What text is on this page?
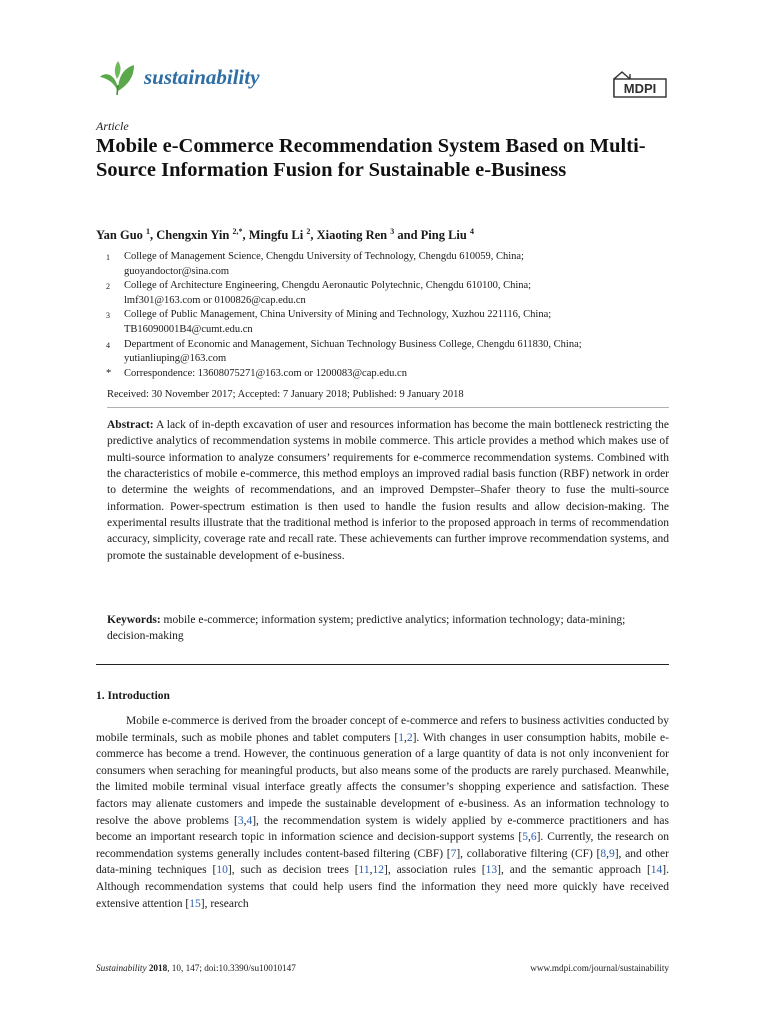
sustainability	MDPI
Article
Mobile e-Commerce Recommendation System Based on Multi-Source Information Fusion for Sustainable e-Business
Yan Guo $^1$, Chengxin Yin $^{2,*}$, Mingfu Li $^2$, Xiaoting Ren $^3$ and Ping Liu $^4$
1	College of Management Science, Chengdu University of Technology, Chengdu 610059, China;
guoyandoctor@sina.com
2	College of Architecture Engineering, Chengdu Aeronautic Polytechnic, Chengdu 610100, China;
lmf301@163.com or 0100826@cap.edu.cn
3	College of Public Management, China University of Mining and Technology, Xuzhou 221116, China;
TB16090001B4@cumt.edu.cn
4	Department of Economic and Management, Sichuan Technology Business College, Chengdu 611830, China;
yutianliuping@163.com
*	Correspondence: 13608075271@163.com or 1200083@cap.edu.cn
Received: 30 November 2017; Accepted: 7 January 2018; Published: 9 January 2018
Abstract: A lack of in-depth excavation of user and resources information has become the main bottleneck restricting the predictive analytics of recommendation systems in mobile commerce. This article provides a method which makes use of multi-source information to analyze consumers’ requirements for e-commerce recommendation systems. Combined with the characteristics of mobile e-commerce, this method employs an improved radial basis function (RBF) network in order to determine the weights of recommendations, and an improved Dempster–Shafer theory to fuse the multi-source information. Power-spectrum estimation is then used to handle the fusion results and allow decision-making. The experimental results illustrate that the traditional method is inferior to the proposed approach in terms of recommendation accuracy, simplicity, coverage rate and recall rate. These achievements can further improve recommendation systems, and promote the sustainable development of e-business.
Keywords: mobile e-commerce; information system; predictive analytics; information technology; data-mining; decision-making
1. Introduction
Mobile e-commerce is derived from the broader concept of e-commerce and refers to business activities conducted by mobile terminals, such as mobile phones and tablet computers [1,2]. With changes in user consumption habits, mobile e-commerce has become a trend. However, the continuous generation of a large quantity of data is not only inconvenient for consumers when seraching for meaningful products, but also means some of the products are rarely purchased. Meanwhile, the limited mobile terminal visual interface greatly affects the consumer’s shopping experience and satisfaction. These factors may alienate customers and impede the sustainable development of e-business. As an information technology to resolve the above problems [3,4], the recommendation system is widely applied by e-commerce practitioners and has become an important research topic in information science and decision-support systems [5,6]. Currently, the research on recommendation systems generally includes content-based filtering (CBF) [7], collaborative filtering (CF) [8,9], and other data-mining techniques [10], such as decision trees [11,12], association rules [13], and the semantic approach [14]. Although recommendation systems that could help users find the information they need more quickly have received extensive attention [15], research
Sustainability 2018, 10, 147; doi:10.3390/su10010147	www.mdpi.com/journal/sustainability
